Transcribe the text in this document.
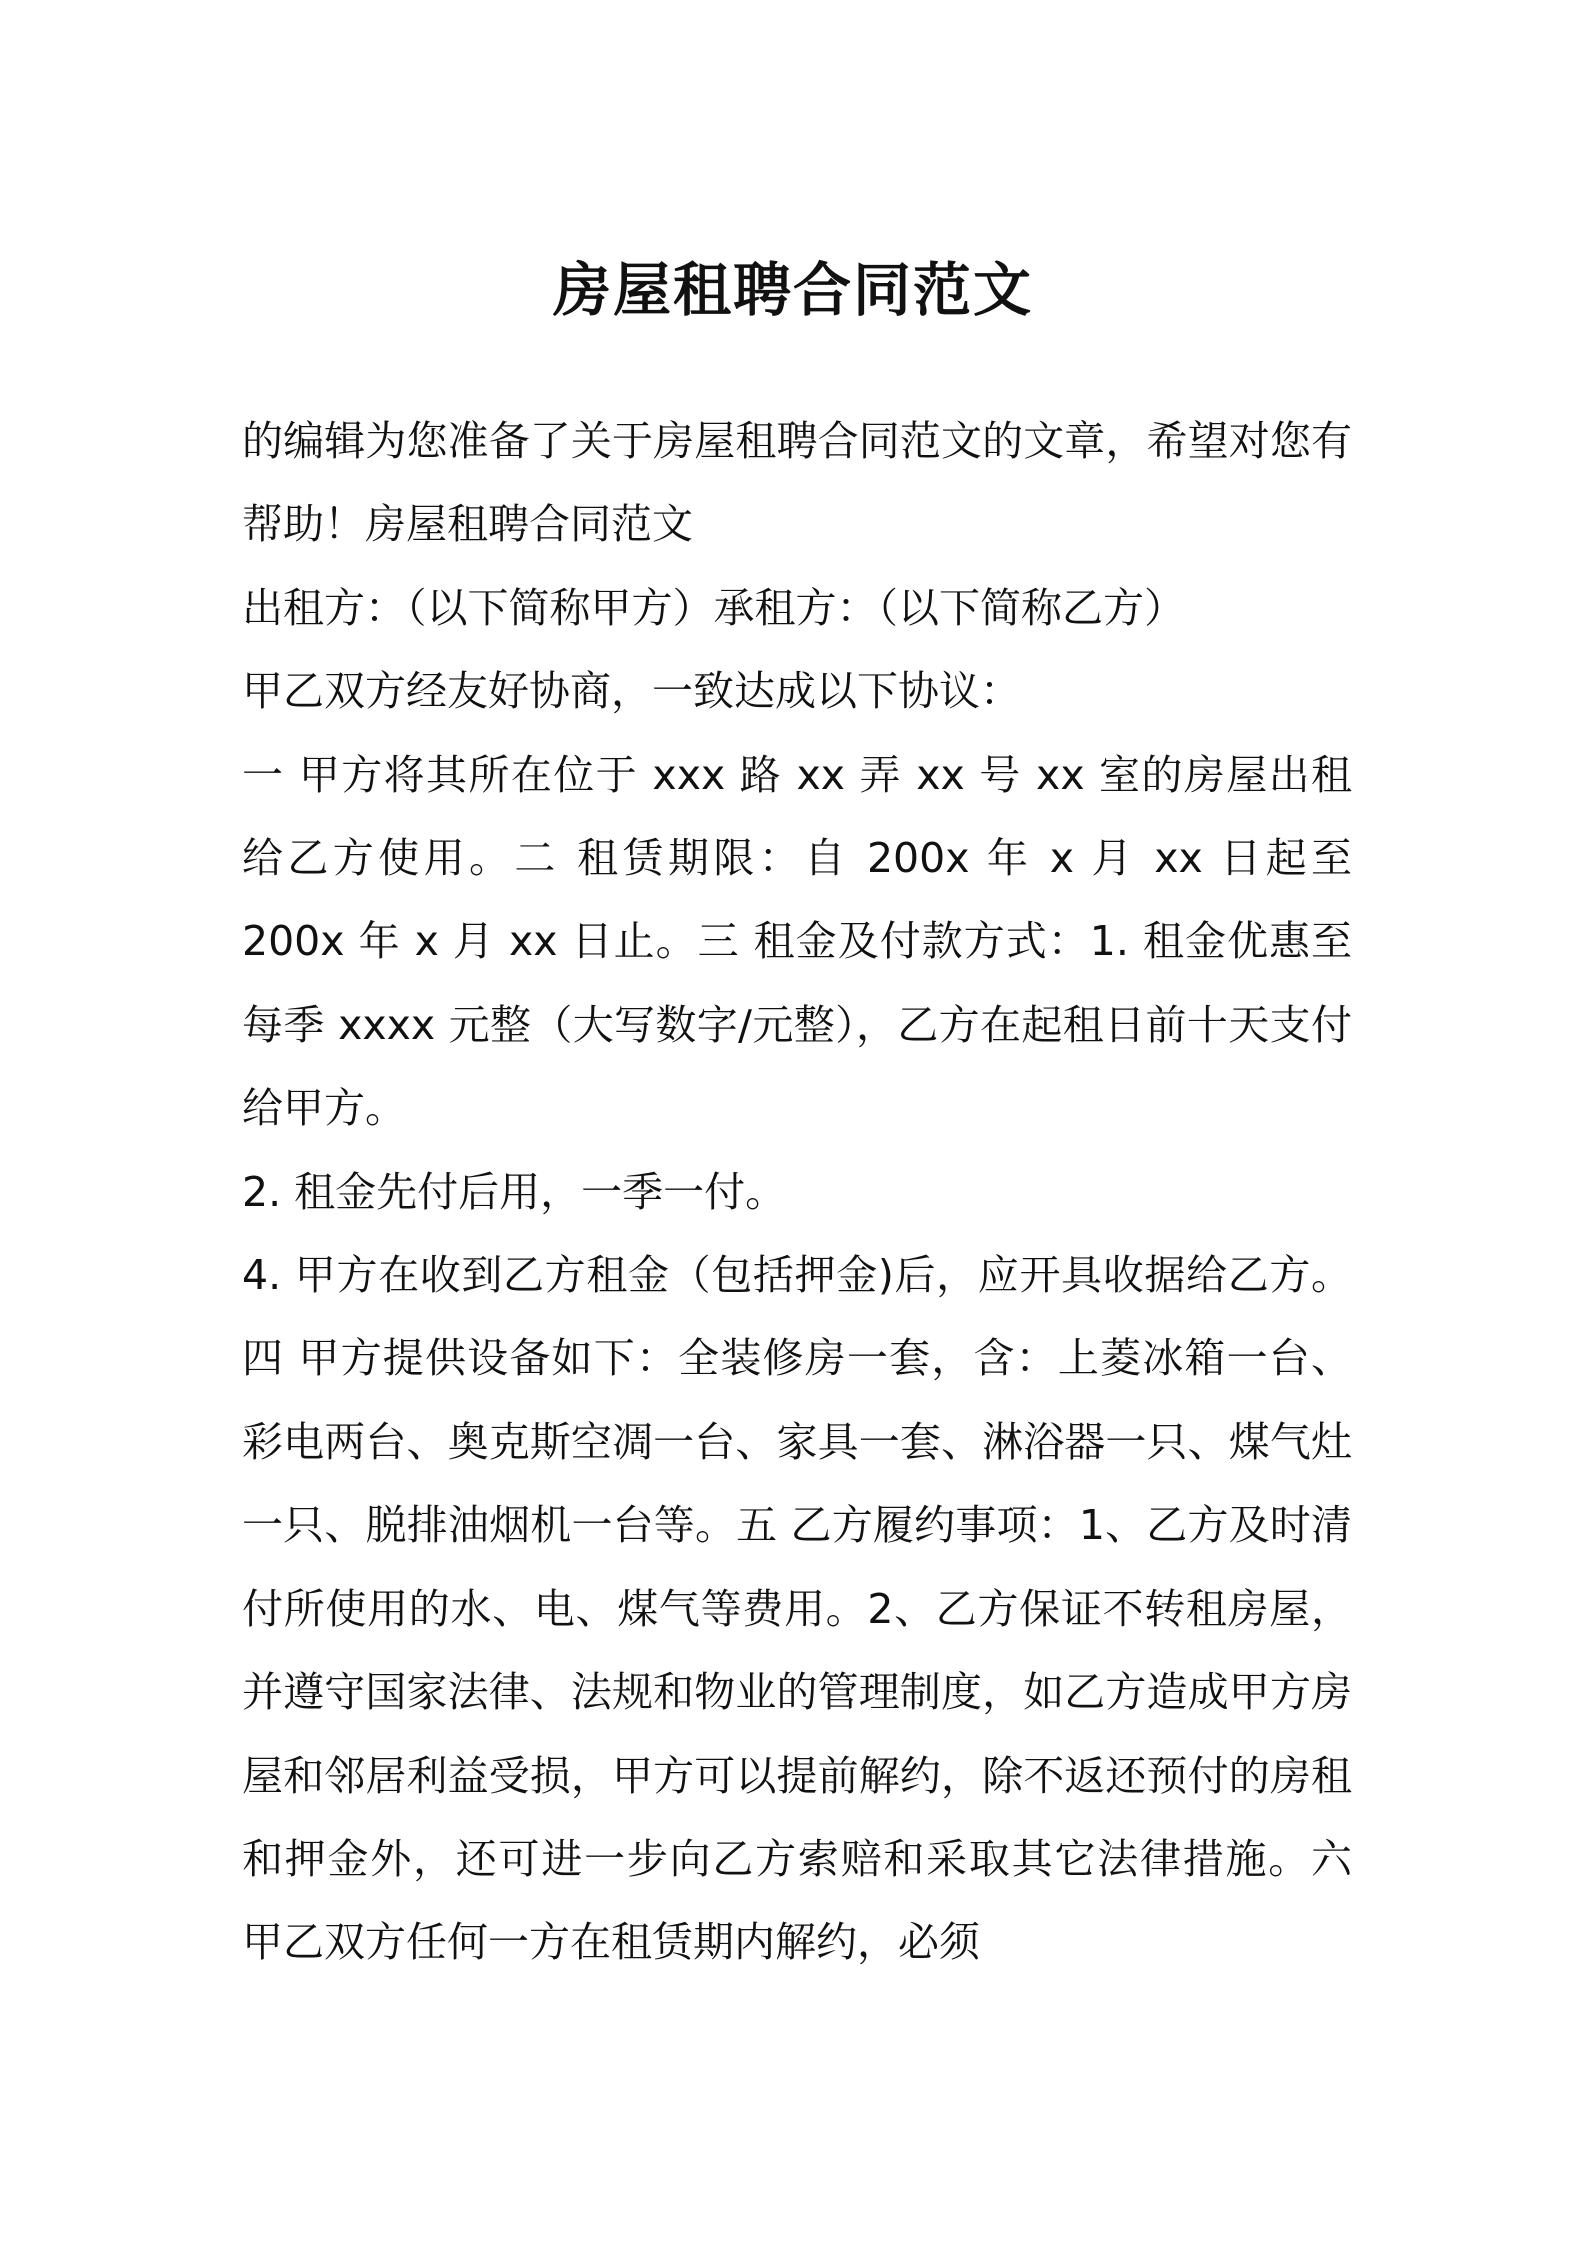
房屋租聘合同范文

的编辑为您准备了关于房屋租聘合同范文的文章，希望对您有帮助！房屋租聘合同范文

出租方：（以下简称甲方）承租方：（以下简称乙方）

甲乙双方经友好协商，一致达成以下协议：

一 甲方将其所在位于 xxx 路 xx 弄 xx 号 xx 室的房屋出租给乙方使用。二 租赁期限：自 200x 年 x 月 xx 日起至 200x 年 x 月 xx 日止。三 租金及付款方式：1. 租金优惠至每季 xxxx 元整（大写数字/元整），乙方在起租日前十天支付给甲方。

2. 租金先付后用，一季一付。

4. 甲方在收到乙方租金（包括押金)后，应开具收据给乙方。四 甲方提供设备如下：全装修房一套，含：上菱冰箱一台、彩电两台、奥克斯空凋一台、家具一套、淋浴器一只、煤气灶一只、脱排油烟机一台等。五 乙方履约事项：1、乙方及时清付所使用的水、电、煤气等费用。2、乙方保证不转租房屋，并遵守国家法律、法规和物业的管理制度，如乙方造成甲方房屋和邻居利益受损，甲方可以提前解约，除不返还预付的房租和押金外，还可进一步向乙方索赔和采取其它法律措施。六 甲乙双方任何一方在租赁期内解约，必须
